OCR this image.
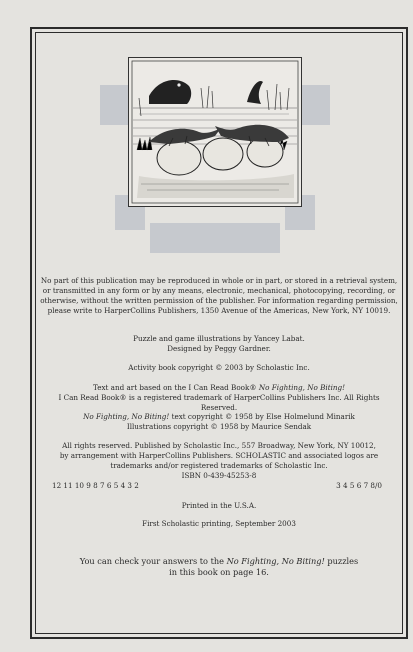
No part of this publication may be reproduced in whole or in part, or stored in a retrieval system, or transmitted in any form or by any means, electronic, mechanical, photocopying, recording, or otherwise, without the written permission of the publisher. For information regarding permission, please write to HarperCollins Publishers, 1350 Avenue of the Americas, New York, NY 10019.

Puzzle and game illustrations by Yancey Labat.

Designed by Peggy Gardner.

Activity book copyright © 2003 by Scholastic Inc.

Text and art based on the I Can Read Book® No Fighting, No Biting!

I Can Read Book® is a registered trademark of HarperCollins Publishers Inc. All Rights Reserved.

No Fighting, No Biting! text copyright © 1958 by Else Holmelund Minarik

Illustrations copyright © 1958 by Maurice Sendak

All rights reserved. Published by Scholastic Inc., 557 Broadway, New York, NY 10012,

by arrangement with HarperCollins Publishers. SCHOLASTIC and associated logos are

trademarks and/or registered trademarks of Scholastic Inc.

ISBN 0-439-45253-8

12 11 10 9 8 7 6 5 4 3 2	3 4 5 6 7 8/0

Printed in the U.S.A.

First Scholastic printing, September 2003

You can check your answers to the No Fighting, No Biting! puzzles
in this book on page 16.
